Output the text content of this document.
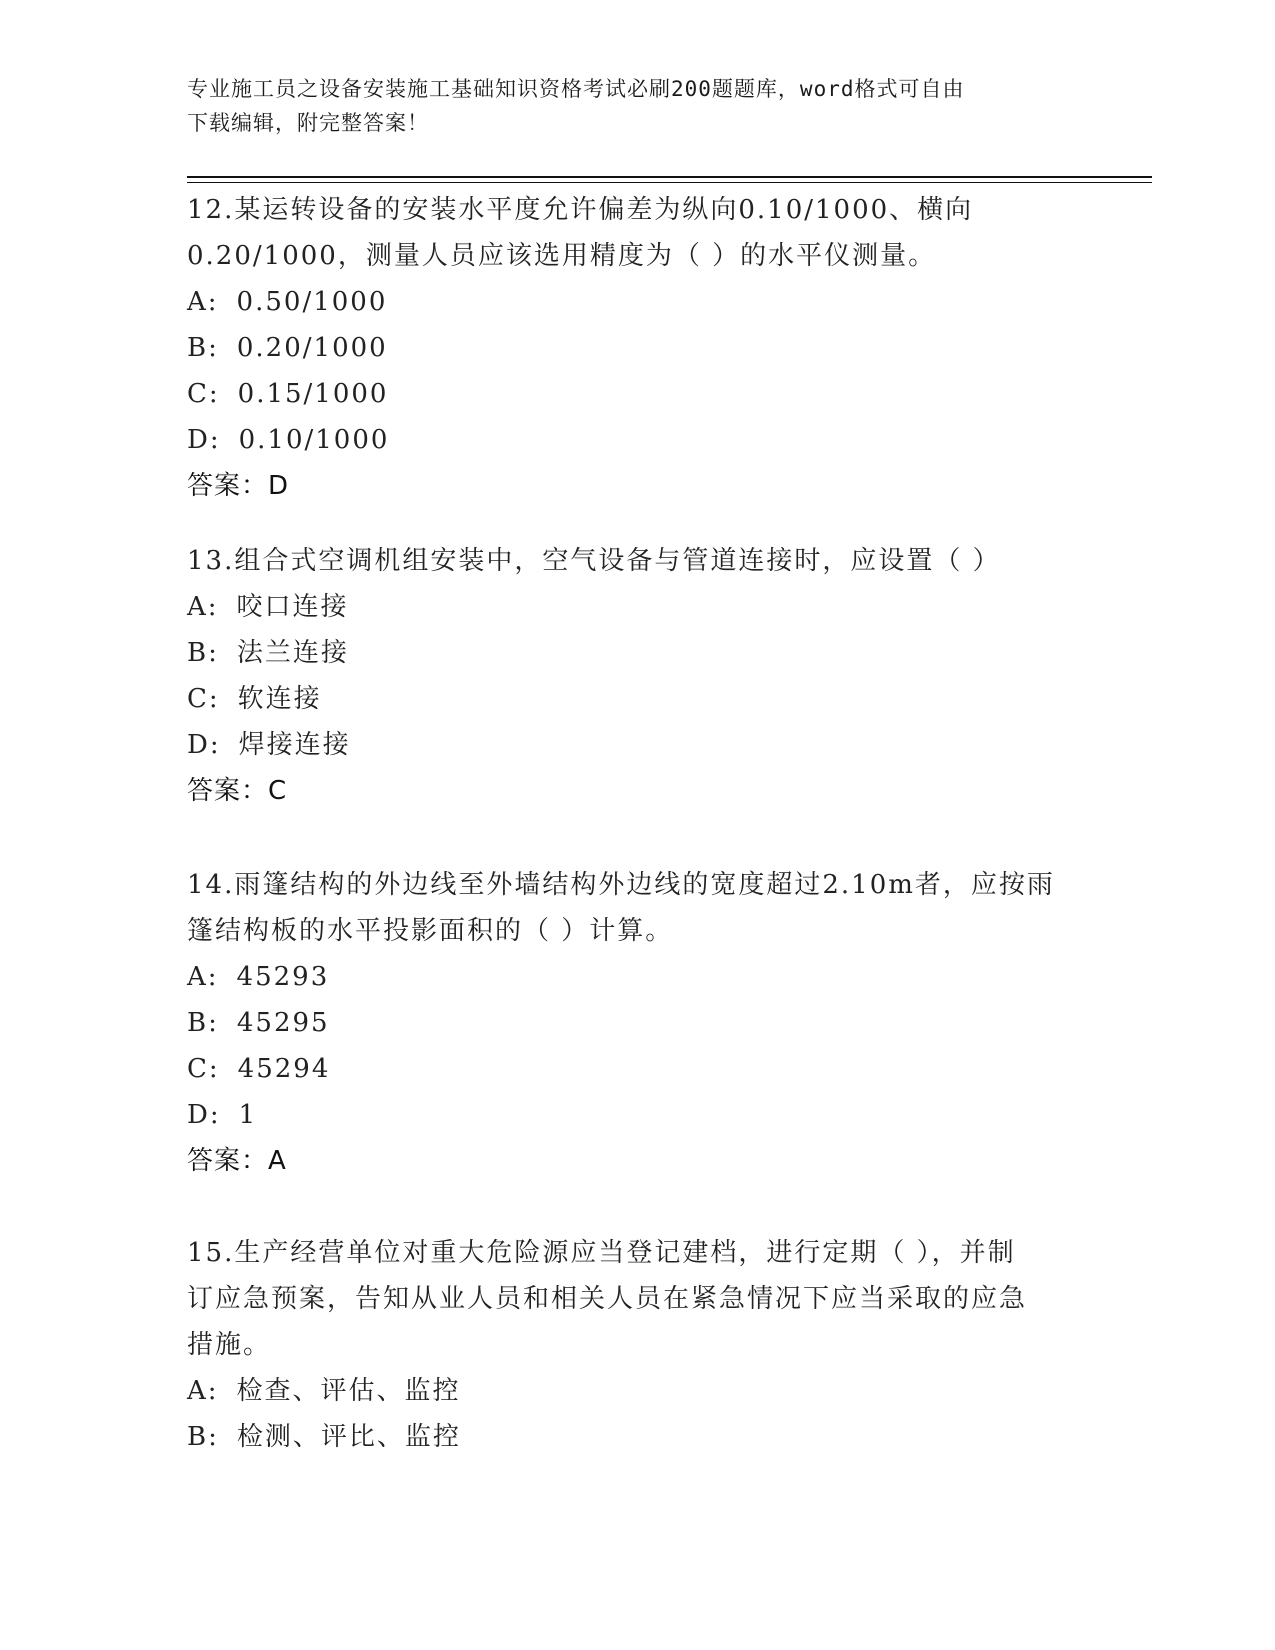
专业施工员之设备安装施工基础知识资格考试必刷200题题库，word格式可自由
下载编辑，附完整答案！

12.某运转设备的安装水平度允许偏差为纵向0.10/1000、横向

0.20/1000，测量人员应该选用精度为（ ）的水平仪测量。

A: 0.50/1000

B: 0.20/1000

C: 0.15/1000

D: 0.10/1000

答案：D

13.组合式空调机组安装中，空气设备与管道连接时，应设置（ ）

A: 咬口连接

B: 法兰连接

C: 软连接

D: 焊接连接

答案：C

14.雨篷结构的外边线至外墙结构外边线的宽度超过2.10m者，应按雨

篷结构板的水平投影面积的（ ）计算。

A: 45293

B: 45295

C: 45294

D: 1

答案：A

15.生产经营单位对重大危险源应当登记建档，进行定期（ ），并制

订应急预案，告知从业人员和相关人员在紧急情况下应当采取的应急

措施。

A: 检查、评估、监控

B: 检测、评比、监控
